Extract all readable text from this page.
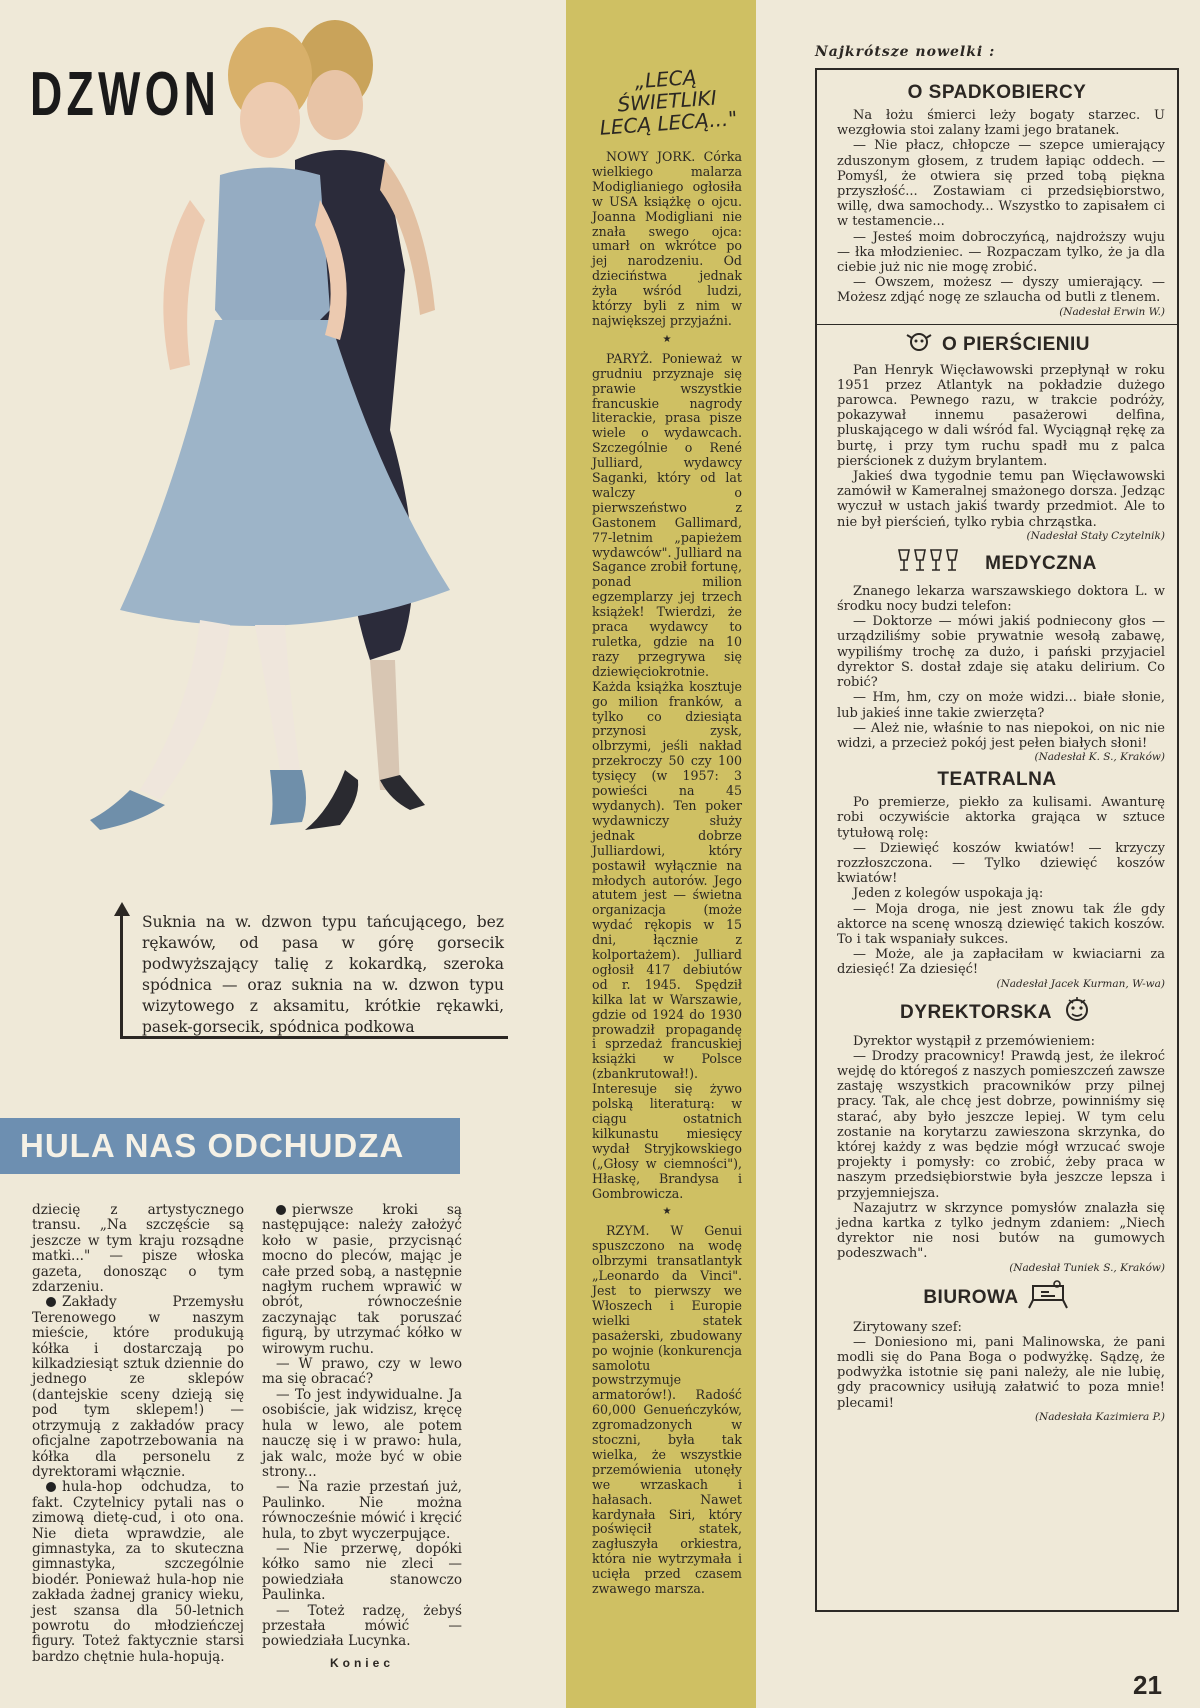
DZWON
Suknia na w. dzwon typu tańcującego, bez rękawów, od pasa w górę gorsecik podwyższający talię z kokardką, szeroka spódnica — oraz suknia na w. dzwon typu wizytowego z aksamitu, krótkie rękawki, pasek-gorsecik, spódnica podkowa
HULA NAS ODCHUDZA

dziecię z artystycznego transu. „Na szczęście są jeszcze w tym kraju rozsądne matki..." — pisze włoska gazeta, donosząc o tym zdarzeniu.

Zakłady Przemysłu Terenowego w naszym mieście, które produkują kółka i dostarczają po kilkadziesiąt sztuk dziennie do jednego ze sklepów (dantejskie sceny dzieją się pod tym sklepem!) — otrzymują z zakładów pracy oficjalne zapotrzebowania na kółka dla personelu z dyrektorami włącznie.

hula-hop odchudza, to fakt. Czytelnicy pytali nas o zimową dietę-cud, i oto ona. Nie dieta wprawdzie, ale gimnastyka, za to skuteczna gimnastyka, szczególnie biodér. Ponieważ hula-hop nie zakłada żadnej granicy wieku, jest szansa dla 50-letnich powrotu do młodzieńczej figury. Toteż faktycznie starsi bardzo chętnie hula-hopują.

pierwsze kroki są następujące: należy założyć koło w pasie, przycisnąć mocno do pleców, mając je całe przed sobą, a następnie nagłym ruchem wprawić w obrót, równocześnie zaczynając tak poruszać figurą, by utrzymać kółko w wirowym ruchu.

— W prawo, czy w lewo ma się obracać?

— To jest indywidualne. Ja osobiście, jak widzisz, kręcę hula w lewo, ale potem nauczę się i w prawo: hula, jak walc, może być w obie strony...

— Na razie przestań już, Paulinko. Nie można równocześnie mówić i kręcić hula, to zbyt wyczerpujące.

— Nie przerwę, dopóki kółko samo nie zleci — powiedziała stanowczo Paulinka.

— Toteż radzę, żebyś przestała mówić — powiedziała Lucynka.

Koniec
„LECĄ ŚWIETLIKI LECĄ LECĄ..."

NOWY JORK. Córka wielkiego malarza Modiglianiego ogłosiła w USA książkę o ojcu. Joanna Modigliani nie znała swego ojca: umarł on wkrótce po jej narodzeniu. Od dzieciństwa jednak żyła wśród ludzi, którzy byli z nim w największej przyjaźni.

★

PARYŻ. Ponieważ w grudniu przyznaje się prawie wszystkie francuskie nagrody literackie, prasa pisze wiele o wydawcach. Szczególnie o René Julliard, wydawcy Saganki, który od lat walczy o pierwszeństwo z Gastonem Gallimard, 77-letnim „papieżem wydawców". Julliard na Sagance zrobił fortunę, ponad milion egzemplarzy jej trzech książek! Twierdzi, że praca wydawcy to ruletka, gdzie na 10 razy przegrywa się dziewięciokrotnie. Każda książka kosztuje go milion franków, a tylko co dziesiąta przynosi zysk, olbrzymi, jeśli nakład przekroczy 50 czy 100 tysięcy (w 1957: 3 powieści na 45 wydanych). Ten poker wydawniczy służy jednak dobrze Julliardowi, który postawił wyłącznie na młodych autorów. Jego atutem jest — świetna organizacja (może wydać rękopis w 15 dni, łącznie z kolportażem). Julliard ogłosił 417 debiutów od r. 1945. Spędził kilka lat w Warszawie, gdzie od 1924 do 1930 prowadził propagandę i sprzedaż francuskiej książki w Polsce (zbankrutował!). Interesuje się żywo polską literaturą: w ciągu ostatnich kilkunastu miesięcy wydał Stryjkowskiego („Głosy w ciemności"), Hłaskę, Brandysa i Gombrowicza.

★

RZYM. W Genui spuszczono na wodę olbrzymi transatlantyk „Leonardo da Vinci". Jest to pierwszy we Włoszech i Europie wielki statek pasażerski, zbudowany po wojnie (konkurencja samolotu powstrzymuje armatorów!). Radość 60,000 Genueńczyków, zgromadzonych w stoczni, była tak wielka, że wszystkie przemówienia utonęły we wrzaskach i hałasach. Nawet kardynała Siri, który poświęcił statek, zagłuszyła orkiestra, która nie wytrzymała i ucięła przed czasem zwawego marsza.

Najkrótsze nowelki :
O SPADKOBIERCY

Na łożu śmierci leży bogaty starzec. U wezgłowia stoi zalany łzami jego bratanek.

— Nie płacz, chłopcze — szepce umierający zduszonym głosem, z trudem łapiąc oddech. — Pomyśl, że otwiera się przed tobą piękna przyszłość... Zostawiam ci przedsiębiorstwo, willę, dwa samochody... Wszystko to zapisałem ci w testamencie...

— Jesteś moim dobroczyńcą, najdroższy wuju — łka młodzieniec. — Rozpaczam tylko, że ja dla ciebie już nic nie mogę zrobić.

— Owszem, możesz — dyszy umierający. — Możesz zdjąć nogę ze szlaucha od butli z tlenem.

(Nadesłał Erwin W.)
O PIERŚCIENIU

Pan Henryk Więcławowski przepłynął w roku 1951 przez Atlantyk na pokładzie dużego parowca. Pewnego razu, w trakcie podróży, pokazywał innemu pasażerowi delfina, pluskającego w dali wśród fal. Wyciągnął rękę za burtę, i przy tym ruchu spadł mu z palca pierścionek z dużym brylantem.

Jakieś dwa tygodnie temu pan Więcławowski zamówił w Kameralnej smażonego dorsza. Jedząc wyczuł w ustach jakiś twardy przedmiot. Ale to nie był pierścień, tylko rybia chrząstka.

(Nadesłał Stały Czytelnik)
MEDYCZNA

Znanego lekarza warszawskiego doktora L. w środku nocy budzi telefon:

— Doktorze — mówi jakiś podniecony głos — urządziliśmy sobie prywatnie wesołą zabawę, wypiliśmy trochę za dużo, i pański przyjaciel dyrektor S. dostał zdaje się ataku delirium. Co robić?

— Hm, hm, czy on może widzi... białe słonie, lub jakieś inne takie zwierzęta?

— Ależ nie, właśnie to nas niepokoi, on nic nie widzi, a przecież pokój jest pełen białych słoni!

(Nadesłał K. S., Kraków)
TEATRALNA

Po premierze, piekło za kulisami. Awanturę robi oczywiście aktorka grająca w sztuce tytułową rolę:

— Dziewięć koszów kwiatów! — krzyczy rozzłoszczona. — Tylko dziewięć koszów kwiatów!

Jeden z kolegów uspokaja ją:

— Moja droga, nie jest znowu tak źle gdy aktorce na scenę wnoszą dziewięć takich koszów. To i tak wspaniały sukces.

— Może, ale ja zapłaciłam w kwiaciarni za dziesięć! Za dziesięć!

(Nadesłał Jacek Kurman, W-wa)
DYREKTORSKA

Dyrektor wystąpił z przemówieniem:

— Drodzy pracownicy! Prawdą jest, że ilekroć wejdę do któregoś z naszych pomieszczeń zawsze zastaję wszystkich pracowników przy pilnej pracy. Tak, ale chcę jest dobrze, powinniśmy się starać, aby było jeszcze lepiej. W tym celu zostanie na korytarzu zawieszona skrzynka, do której każdy z was będzie mógł wrzucać swoje projekty i pomysły: co zrobić, żeby praca w naszym przedsiębiorstwie była jeszcze lepsza i przyjemniejsza.

Nazajutrz w skrzynce pomysłów znalazła się jedna kartka z tylko jednym zdaniem: „Niech dyrektor nie nosi butów na gumowych podeszwach".

(Nadesłał Tuniek S., Kraków)
BIUROWA

Zirytowany szef:

— Doniesiono mi, pani Malinowska, że pani modli się do Pana Boga o podwyżkę. Sądzę, że podwyżka istotnie się pani należy, ale nie lubię, gdy pracownicy usiłują załatwić to poza mnie! plecami!

(Nadesłała Kazimiera P.)
21
